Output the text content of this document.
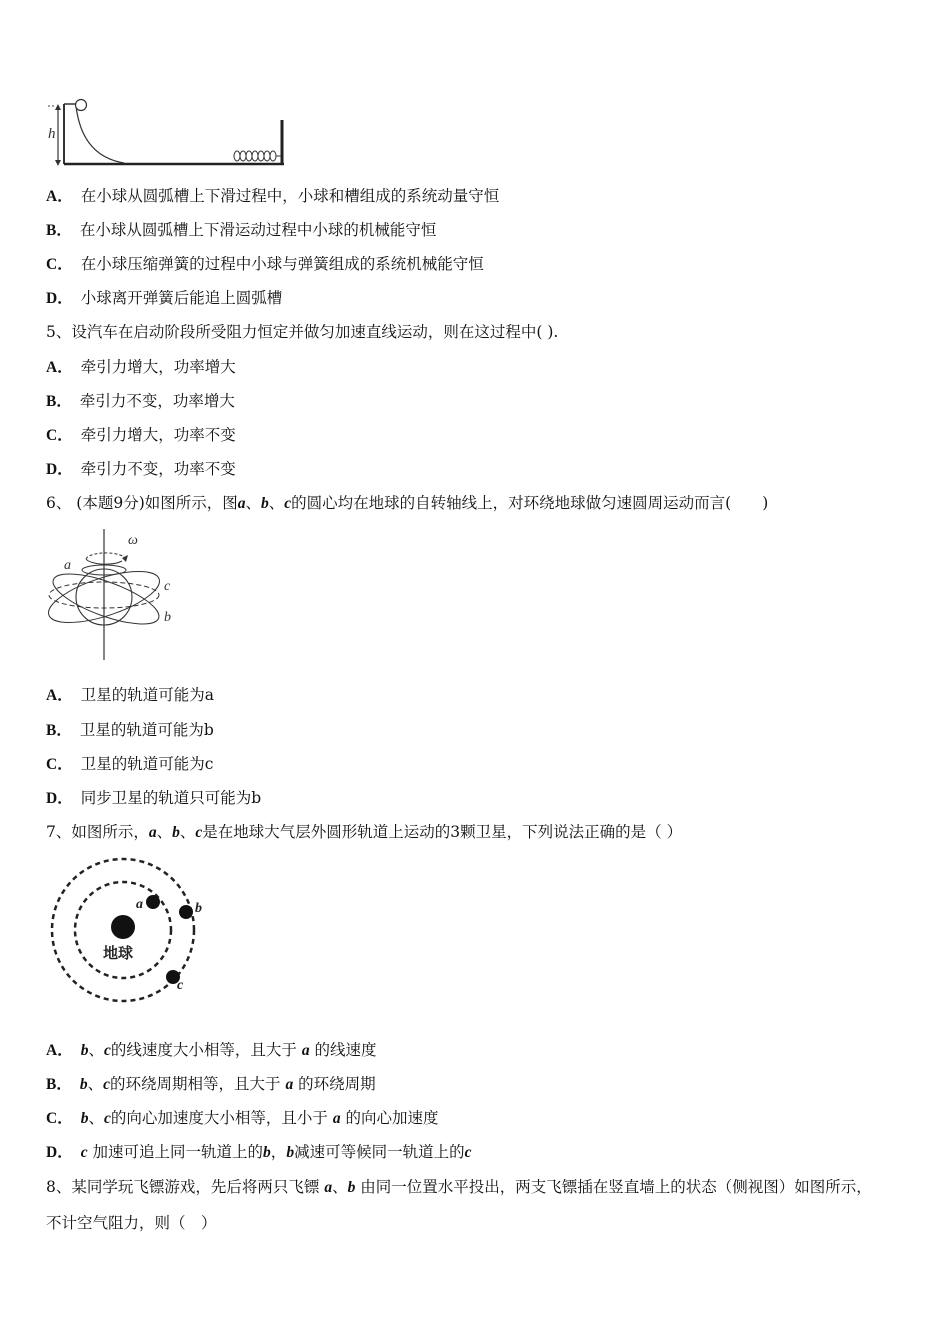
h
A． 在小球从圆弧槽上下滑过程中，小球和槽组成的系统动量守恒
B． 在小球从圆弧槽上下滑运动过程中小球的机械能守恒
C． 在小球压缩弹簧的过程中小球与弹簧组成的系统机械能守恒
D． 小球离开弹簧后能追上圆弧槽
5、设汽车在启动阶段所受阻力恒定并做匀加速直线运动，则在这过程中( ).
A． 牵引力增大，功率增大
B． 牵引力不变，功率增大
C． 牵引力增大，功率不变
D． 牵引力不变，功率不变
6、 (本题9分)如图所示，图a、b、c的圆心均在地球的自转轴线上，对环绕地球做匀速圆周运动而言(　　)
ω
a
c
b
A． 卫星的轨道可能为a
B． 卫星的轨道可能为b
C． 卫星的轨道可能为c
D． 同步卫星的轨道只可能为b
7、如图所示，a、b、c是在地球大气层外圆形轨道上运动的3颗卫星，下列说法正确的是（ ）
地球
a	b
c
A． b、c的线速度大小相等，且大于 a 的线速度
B． b、c的环绕周期相等，且大于 a 的环绕周期
C． b、c的向心加速度大小相等，且小于 a 的向心加速度
D． c 加速可追上同一轨道上的b，b减速可等候同一轨道上的c
8、某同学玩飞镖游戏，先后将两只飞镖 a、b 由同一位置水平投出，两支飞镖插在竖直墙上的状态（侧视图）如图所示，
不计空气阻力，则（　）
